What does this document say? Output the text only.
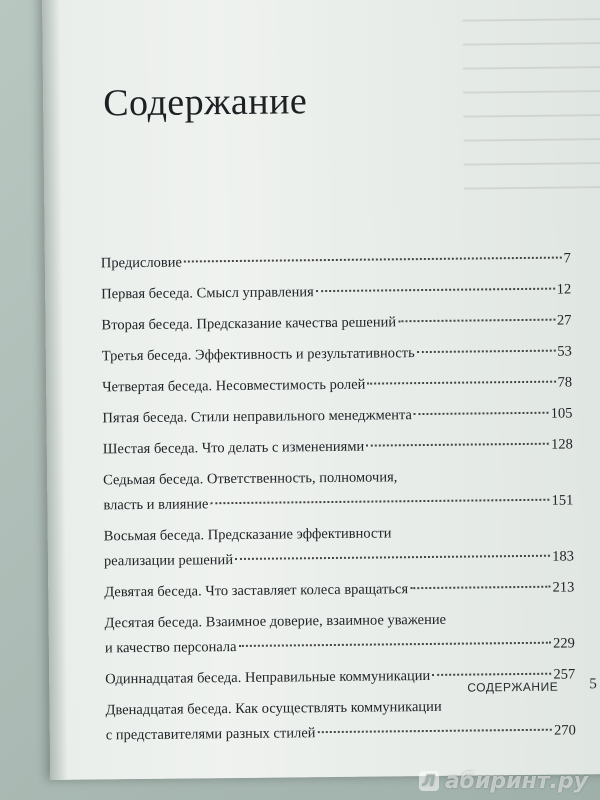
Содержание
Предисловие	7
Первая беседа. Смысл управления	12
Вторая беседа. Предсказание качества решений	27
Третья беседа. Эффективность и результативность	53
Четвертая беседа. Несовместимость ролей	78
Пятая беседа. Стили неправильного менеджмента	105
Шестая беседа. Что делать с изменениями	128
Седьмая беседа. Ответственность, полномочия,
власть и влияние	151
Восьмая беседа. Предсказание эффективности
реализации решений	183
Девятая беседа. Что заставляет колеса вращаться	213
Десятая беседа. Взаимное доверие, взаимное уважение
и качество персонала	229
Одиннадцатая беседа. Неправильные коммуникации	257
Двенадцатая беседа. Как осуществлять коммуникации
с представителями разных стилей	270
СОДЕРЖАНИЕ 5
Л абиринт.ру
